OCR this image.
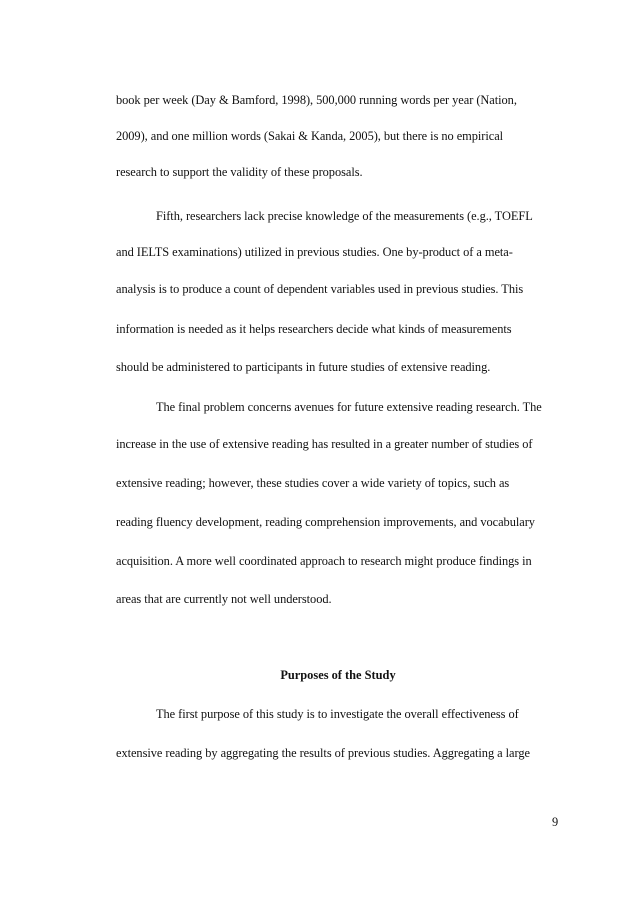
book per week (Day & Bamford, 1998), 500,000 running words per year (Nation,
2009), and one million words (Sakai & Kanda, 2005), but there is no empirical
research to support the validity of these proposals.
Fifth, researchers lack precise knowledge of the measurements (e.g., TOEFL
and IELTS examinations) utilized in previous studies. One by-product of a meta-
analysis is to produce a count of dependent variables used in previous studies. This
information is needed as it helps researchers decide what kinds of measurements
should be administered to participants in future studies of extensive reading.
The final problem concerns avenues for future extensive reading research. The
increase in the use of extensive reading has resulted in a greater number of studies of
extensive reading; however, these studies cover a wide variety of topics, such as
reading fluency development, reading comprehension improvements, and vocabulary
acquisition. A more well coordinated approach to research might produce findings in
areas that are currently not well understood.
Purposes of the Study
The first purpose of this study is to investigate the overall effectiveness of
extensive reading by aggregating the results of previous studies. Aggregating a large
9
